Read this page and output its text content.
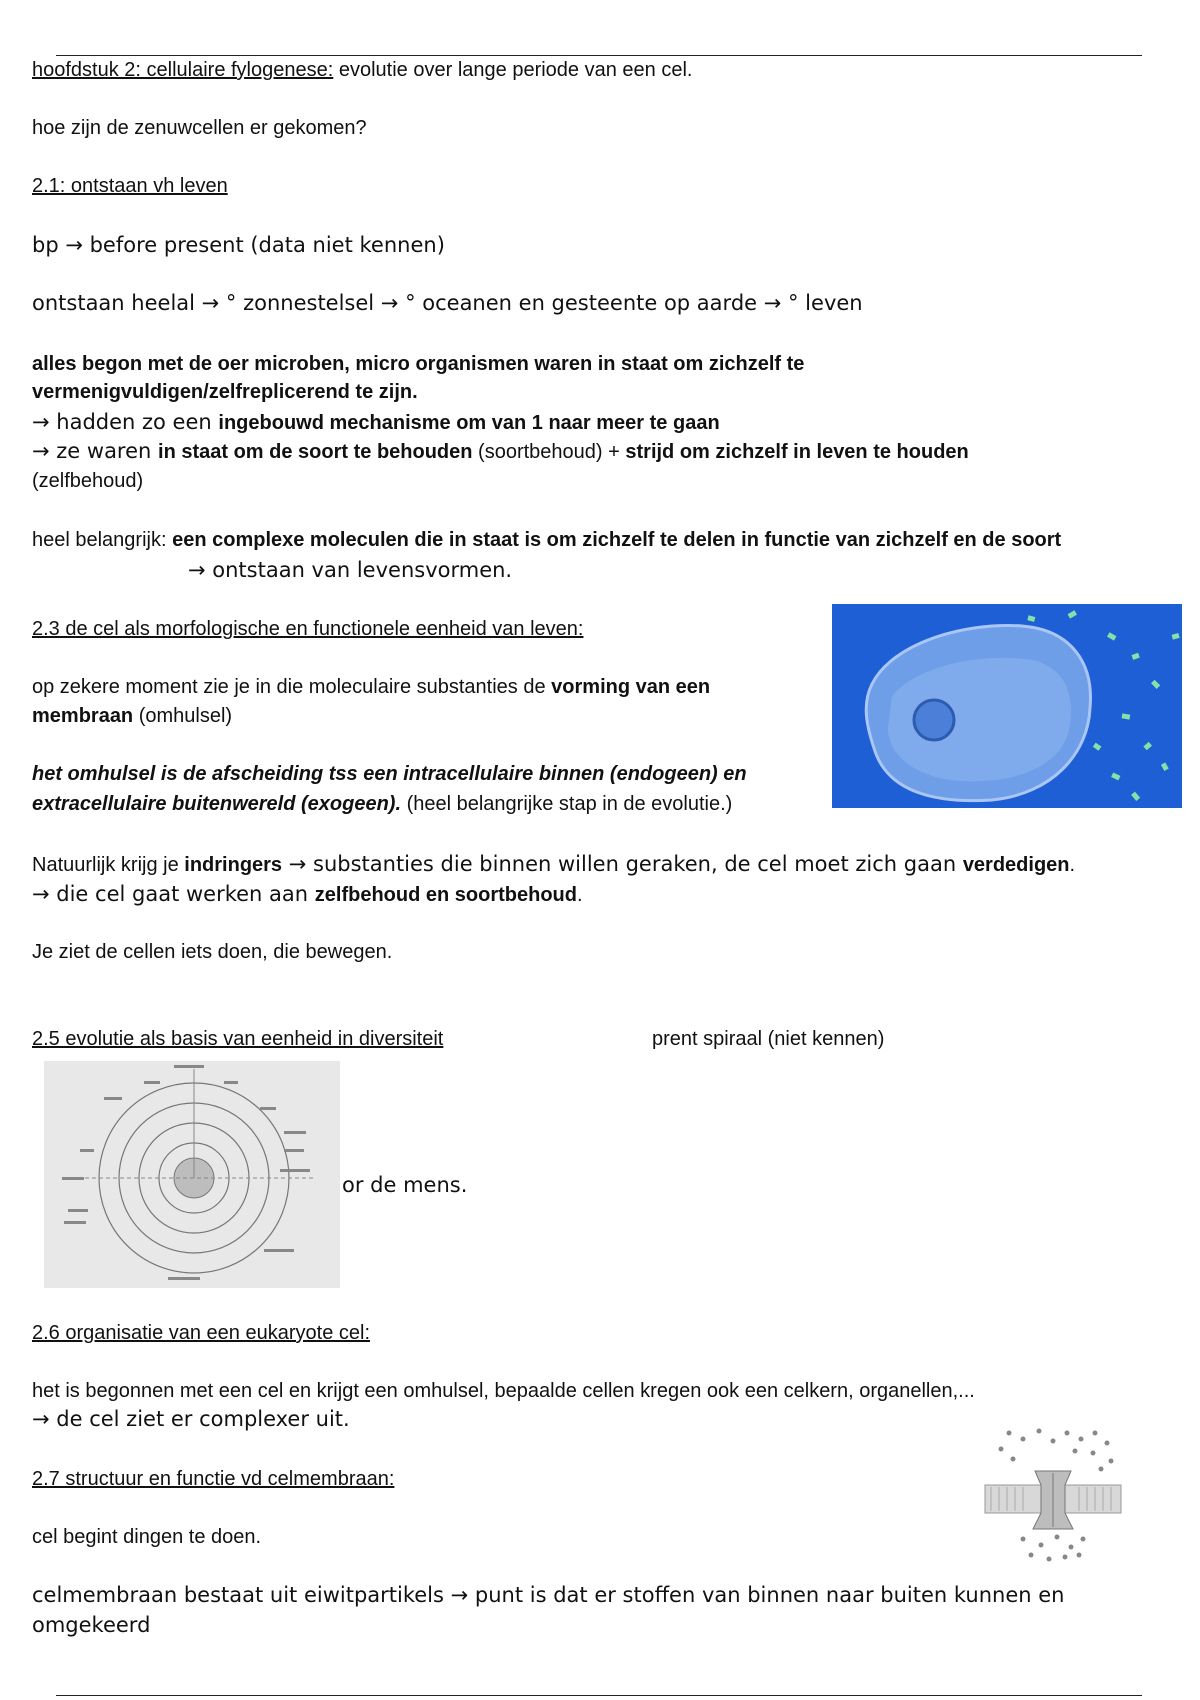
hoofdstuk 2: cellulaire fylogenese: evolutie over lange periode van een cel.
hoe zijn de zenuwcellen er gekomen?
2.1: ontstaan vh leven
bp → before present (data niet kennen)
ontstaan heelal → ° zonnestelsel → ° oceanen en gesteente op aarde → ° leven
alles begon met de oer microben, micro organismen waren in staat om zichzelf te
vermenigvuldigen/zelfreplicerend te zijn.
→ hadden zo een ingebouwd mechanisme om van 1 naar meer te gaan
→ ze waren in staat om de soort te behouden (soortbehoud) + strijd om zichzelf in leven te houden
(zelfbehoud)
heel belangrijk: een complexe moleculen die in staat is om zichzelf te delen in functie van zichzelf en de soort
→ ontstaan van levensvormen.
2.3 de cel als morfologische en functionele eenheid van leven:
op zekere moment zie je in die moleculaire substanties de vorming van een
membraan (omhulsel)
het omhulsel is de afscheiding tss een intracellulaire binnen (endogeen) en
extracellulaire buitenwereld (exogeen). (heel belangrijke stap in de evolutie.)
Natuurlijk krijg je indringers → substanties die binnen willen geraken, de cel moet zich gaan verdedigen.
→ die cel gaat werken aan zelfbehoud en soortbehoud.
Je ziet de cellen iets doen, die bewegen.
2.5 evolutie als basis van eenheid in diversiteit	prent spiraal (niet kennen)
or de mens.
2.6 organisatie van een eukaryote cel:
het is begonnen met een cel en krijgt een omhulsel, bepaalde cellen kregen ook een celkern, organellen,...
→ de cel ziet er complexer uit.
2.7 structuur en functie vd celmembraan:
cel begint dingen te doen.
celmembraan bestaat uit eiwitpartikels → punt is dat er stoffen van binnen naar buiten kunnen en
omgekeerd
